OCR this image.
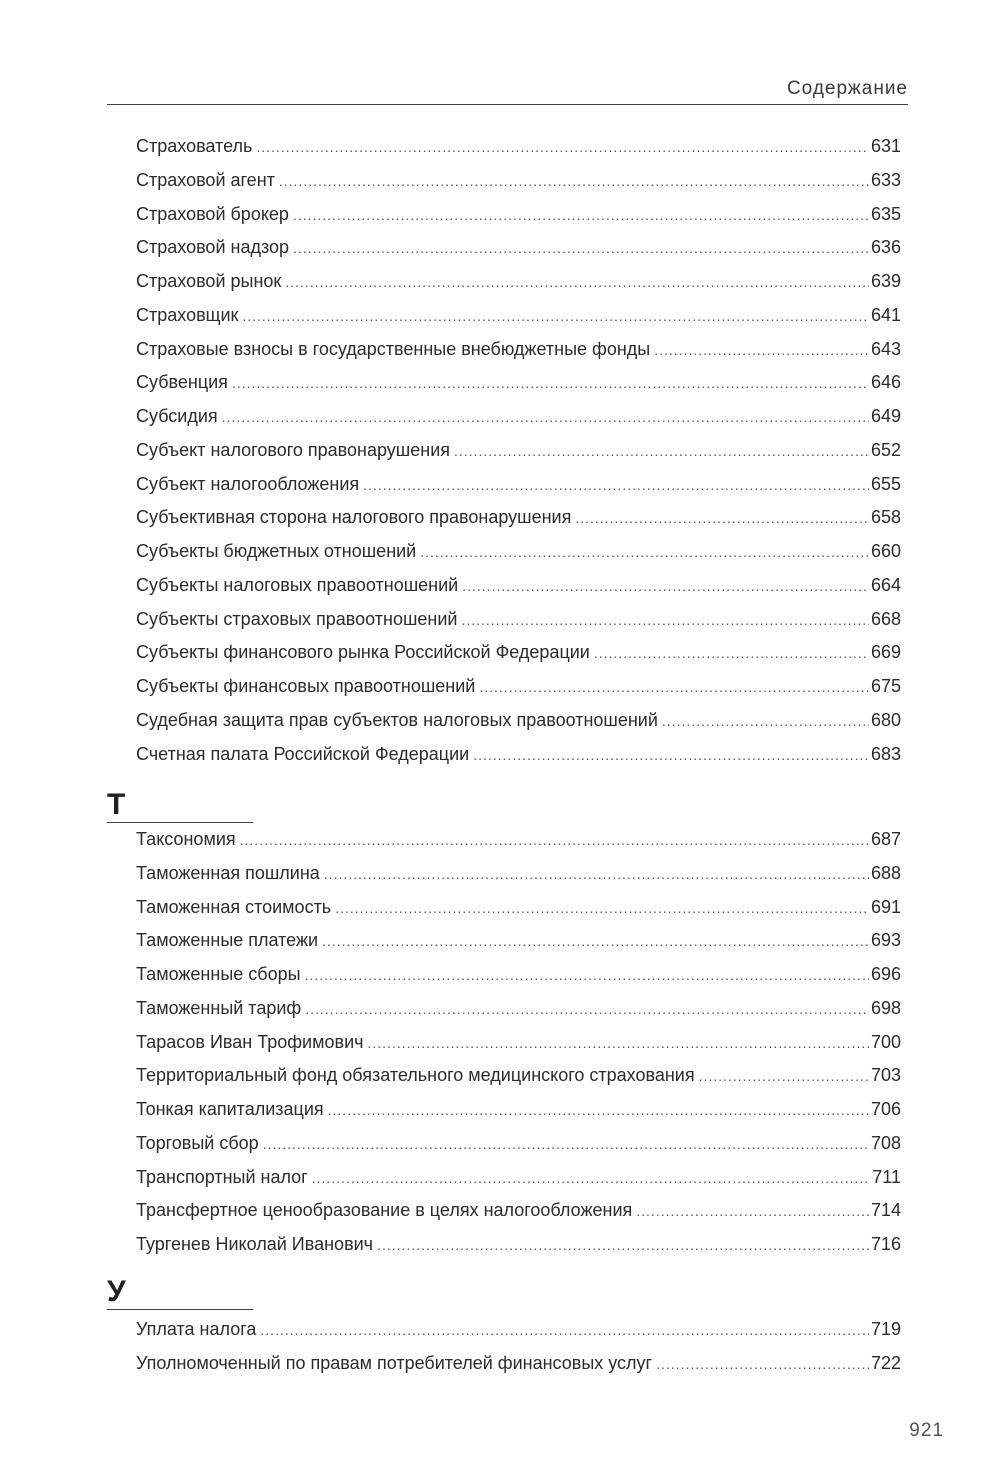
Содержание
Страхователь .....	631
Страховой агент .....	633
Страховой брокер .....	635
Страховой надзор .....	636
Страховой рынок .....	639
Страховщик .....	641
Страховые взносы в государственные внебюджетные фонды .....	643
Субвенция .....	646
Субсидия .....	649
Субъект налогового правонарушения .....	652
Субъект налогообложения .....	655
Субъективная сторона налогового правонарушения .....	658
Субъекты бюджетных отношений .....	660
Субъекты налоговых правоотношений .....	664
Субъекты страховых правоотношений .....	668
Субъекты финансового рынка Российской Федерации .....	669
Субъекты финансовых правоотношений .....	675
Судебная защита прав субъектов налоговых правоотношений .....	680
Счетная палата Российской Федерации .....	683
Т
Таксономия .....	687
Таможенная пошлина .....	688
Таможенная стоимость .....	691
Таможенные платежи .....	693
Таможенные сборы .....	696
Таможенный тариф .....	698
Тарасов Иван Трофимович .....	700
Территориальный фонд обязательного медицинского страхования .....	703
Тонкая капитализация .....	706
Торговый сбор .....	708
Транспортный налог .....	711
Трансфертное ценообразование в целях налогообложения .....	714
Тургенев Николай Иванович .....	716
У
Уплата налога .....	719
Уполномоченный по правам потребителей финансовых услуг .....	722
921
